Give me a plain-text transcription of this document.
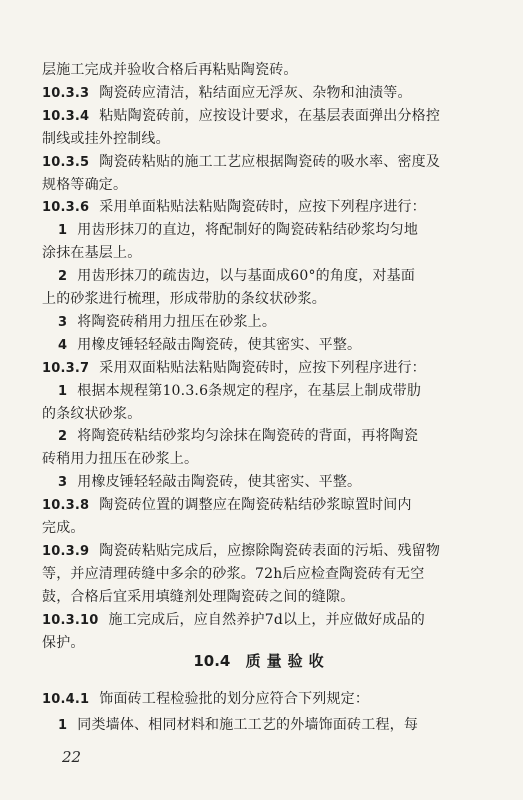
层施工完成并验收合格后再粘贴陶瓷砖。
10.3.3 陶瓷砖应清洁，粘结面应无浮灰、杂物和油渍等。
10.3.4 粘贴陶瓷砖前，应按设计要求，在基层表面弹出分格控
制线或挂外控制线。
10.3.5 陶瓷砖粘贴的施工工艺应根据陶瓷砖的吸水率、密度及
规格等确定。
10.3.6 采用单面粘贴法粘贴陶瓷砖时，应按下列程序进行：
1 用齿形抹刀的直边，将配制好的陶瓷砖粘结砂浆均匀地
涂抹在基层上。
2 用齿形抹刀的疏齿边，以与基面成60°的角度，对基面
上的砂浆进行梳理，形成带肋的条纹状砂浆。
3 将陶瓷砖稍用力扭压在砂浆上。
4 用橡皮锤轻轻敲击陶瓷砖，使其密实、平整。
10.3.7 采用双面粘贴法粘贴陶瓷砖时，应按下列程序进行：
1 根据本规程第10.3.6条规定的程序，在基层上制成带肋
的条纹状砂浆。
2 将陶瓷砖粘结砂浆均匀涂抹在陶瓷砖的背面，再将陶瓷
砖稍用力扭压在砂浆上。
3 用橡皮锤轻轻敲击陶瓷砖，使其密实、平整。
10.3.8 陶瓷砖位置的调整应在陶瓷砖粘结砂浆晾置时间内
完成。
10.3.9 陶瓷砖粘贴完成后，应擦除陶瓷砖表面的污垢、残留物
等，并应清理砖缝中多余的砂浆。72h后应检查陶瓷砖有无空
鼓，合格后宜采用填缝剂处理陶瓷砖之间的缝隙。
10.3.10 施工完成后，应自然养护7d以上，并应做好成品的
保护。
10.4 质量验收
10.4.1 饰面砖工程检验批的划分应符合下列规定：
1 同类墙体、相同材料和施工工艺的外墙饰面砖工程，每
22
